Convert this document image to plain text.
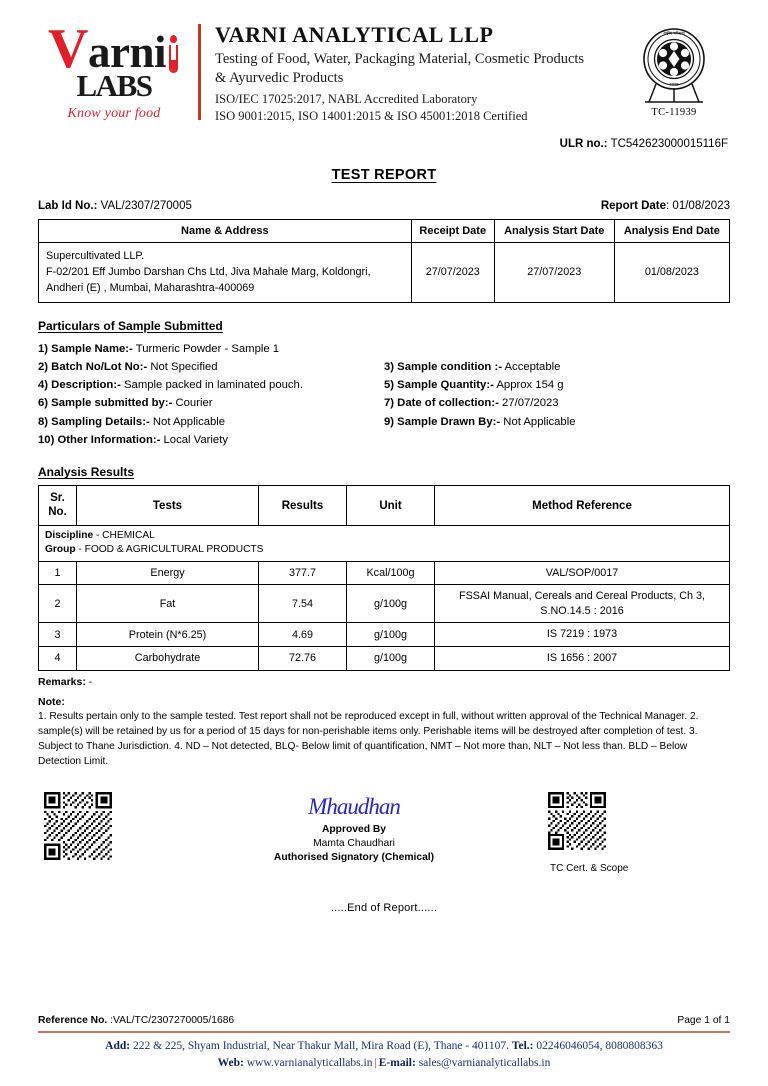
Varni
LABS
Know your food
VARNI ANALYTICAL LLP
Testing of Food, Water, Packaging Material, Cosmetic Products
& Ayurvedic Products
ISO/IEC 17025:2017, NABL Accredited Laboratory
ISO 9001:2015, ISO 14001:2015 & ISO 45001:2018 Certified
राष्ट्रीय परीक्षण
भारत
TC-11939
ULR no.: TC542623000015116F
TEST REPORT
Lab Id No.: VAL/2307/270005	Report Date: 01/08/2023
Name & Address	Receipt Date	Analysis Start Date	Analysis End Date

Supercultivated LLP.
F-02/201 Eff Jumbo Darshan Chs Ltd, Jiva Mahale Marg, Koldongri,
Andheri (E) , Mumbai, Maharashtra-400069	27/07/2023	27/07/2023	01/08/2023
Particulars of Sample Submitted
1) Sample Name:- Turmeric Powder - Sample 1
2) Batch No/Lot No:- Not Specified	3) Sample condition :- Acceptable
4) Description:- Sample packed in laminated pouch.	5) Sample Quantity:- Approx 154 g
6) Sample submitted by:- Courier	7) Date of collection:- 27/07/2023
8) Sampling Details:- Not Applicable	9) Sample Drawn By:- Not Applicable
10) Other Information:- Local Variety
Analysis Results
Sr.
No.	Tests	Results	Unit	Method Reference

Discipline - CHEMICAL
Group - FOOD & AGRICULTURAL PRODUCTS				

1	Energy	377.7	Kcal/100g	VAL/SOP/0017
2	Fat	7.54	g/100g	FSSAI Manual, Cereals and Cereal Products, Ch 3, S.NO.14.5 : 2016
3	Protein (N*6.25)	4.69	g/100g	IS 7219 : 1973
4	Carbohydrate	72.76	g/100g	IS 1656 : 2007
Remarks: -
Note:
1. Results pertain only to the sample tested. Test report shall not be reproduced except in full, without written approval of the Technical Manager. 2. sample(s) will be retained by us for a period of 15 days for non-perishable items only. Perishable items will be destroyed after completion of test. 3. Subject to Thane Jurisdiction. 4. ND – Not detected, BLQ- Below limit of quantification, NMT – Not more than, NLT – Not less than. BLD – Below Detection Limit.
Mhaudhan
Approved By
Mamta Chaudhari
Authorised Signatory (Chemical)
TC Cert. & Scope
.....End of Report......
Reference No. :VAL/TC/2307270005/1686	Page 1 of 1
Add: 222 & 225, Shyam Industrial, Near Thakur Mall, Mira Road (E), Thane - 401107. Tel.: 02246046054, 8080808363
Web: www.varnianalyticallabs.in | E-mail: sales@varnianalyticallabs.in
